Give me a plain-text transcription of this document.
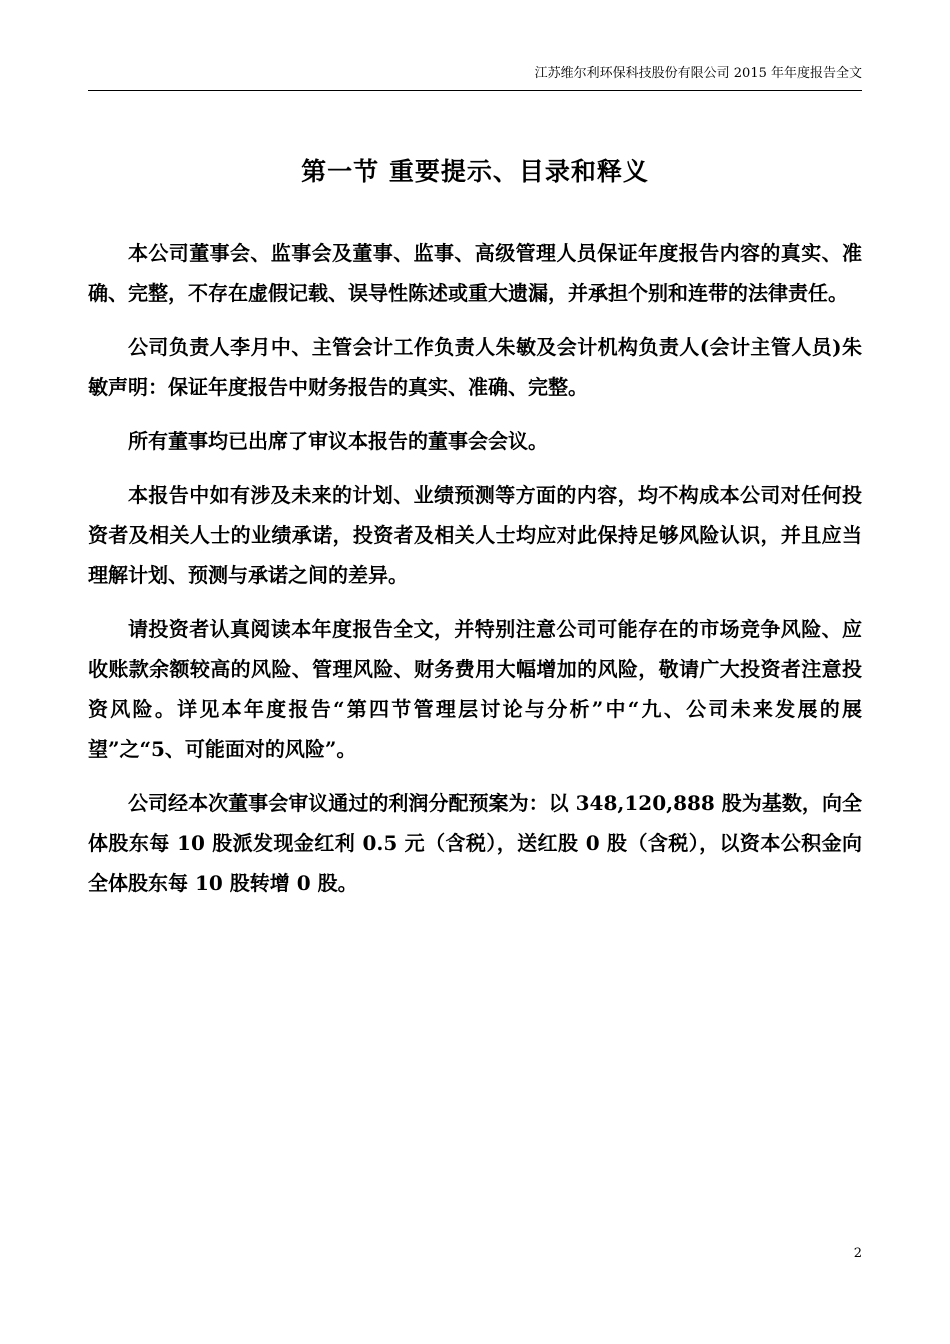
江苏维尔利环保科技股份有限公司 2015 年年度报告全文
第一节 重要提示、目录和释义

本公司董事会、监事会及董事、监事、高级管理人员保证年度报告内容的真实、准确、完整，不存在虚假记载、误导性陈述或重大遗漏，并承担个别和连带的法律责任。

公司负责人李月中、主管会计工作负责人朱敏及会计机构负责人(会计主管人员)朱敏声明：保证年度报告中财务报告的真实、准确、完整。

所有董事均已出席了审议本报告的董事会会议。

本报告中如有涉及未来的计划、业绩预测等方面的内容，均不构成本公司对任何投资者及相关人士的业绩承诺，投资者及相关人士均应对此保持足够风险认识，并且应当理解计划、预测与承诺之间的差异。

请投资者认真阅读本年度报告全文，并特别注意公司可能存在的市场竞争风险、应收账款余额较高的风险、管理风险、财务费用大幅增加的风险，敬请广大投资者注意投资风险。详见本年度报告“第四节管理层讨论与分析”中“九、公司未来发展的展望”之“5、可能面对的风险”。

公司经本次董事会审议通过的利润分配预案为：以 348,120,888 股为基数，向全体股东每 10 股派发现金红利 0.5 元（含税），送红股 0 股（含税），以资本公积金向全体股东每 10 股转增 0 股。

2
